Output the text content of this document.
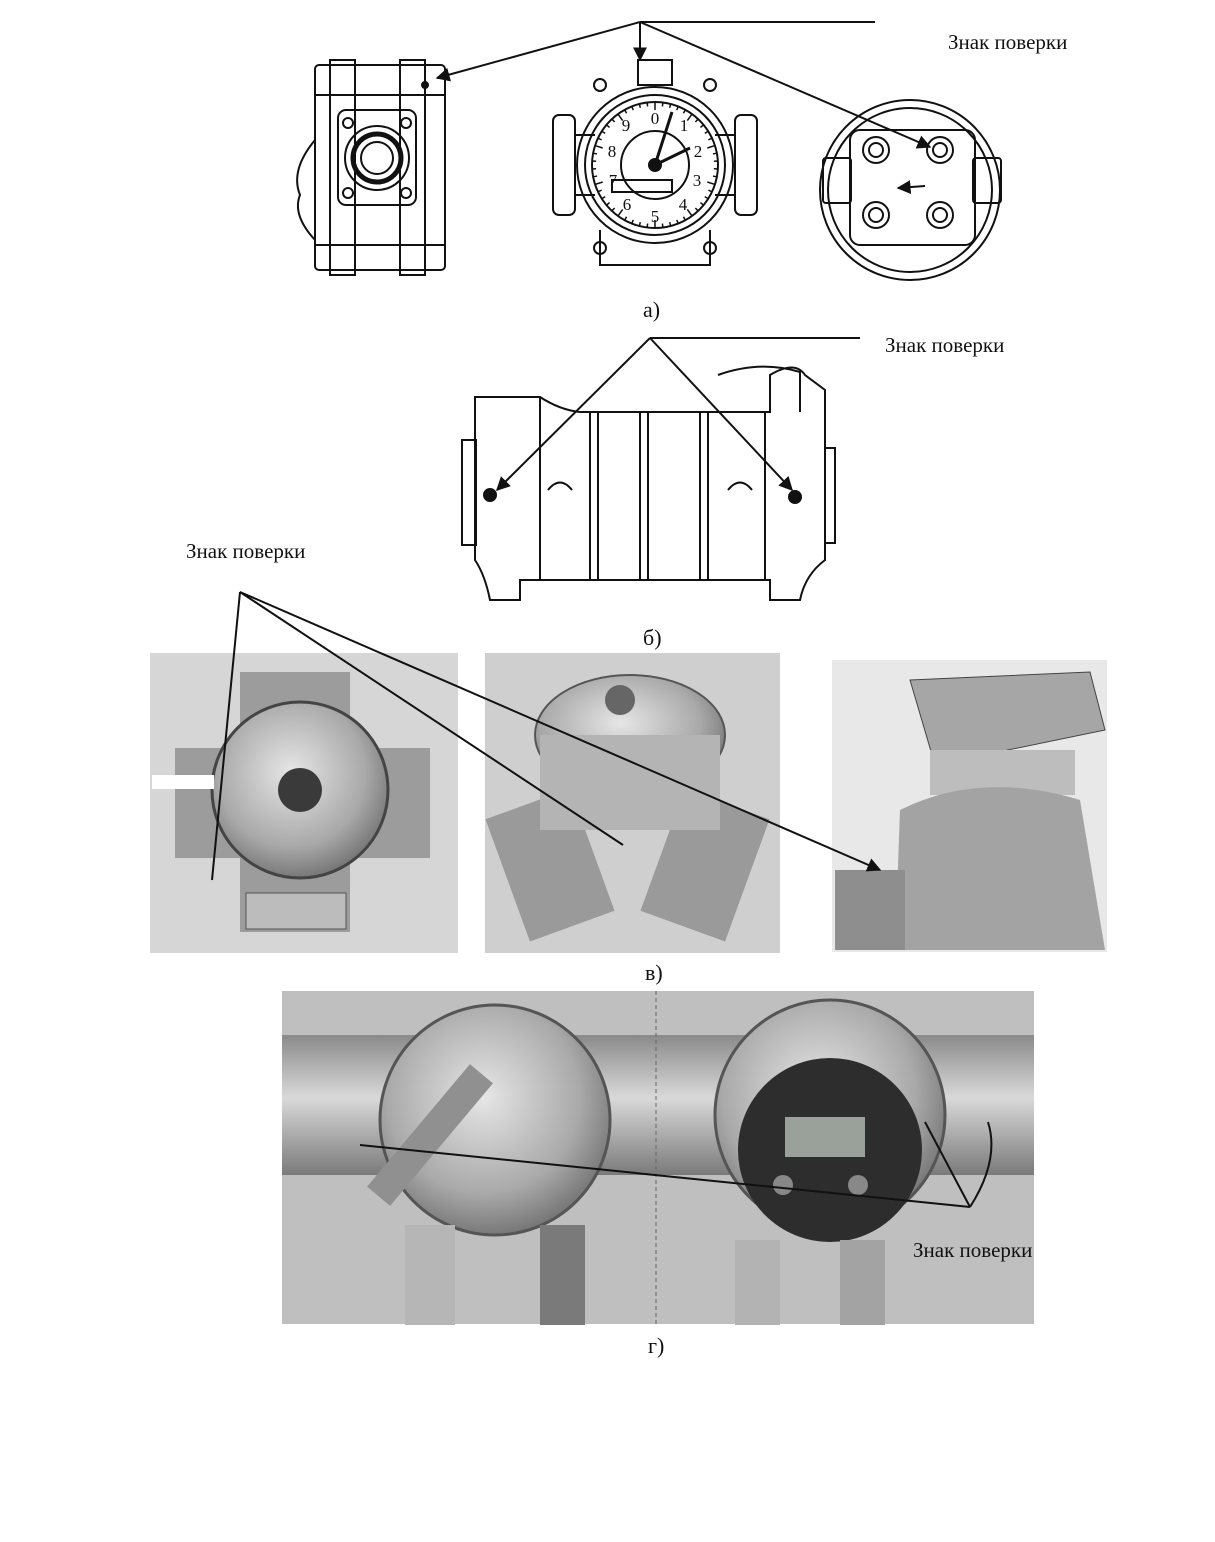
0 1
2
3
4
5
6
7
8
9
Знак поверки
а)
Знак поверки
б)
Знак поверки
в)
Знак поверки
г)
